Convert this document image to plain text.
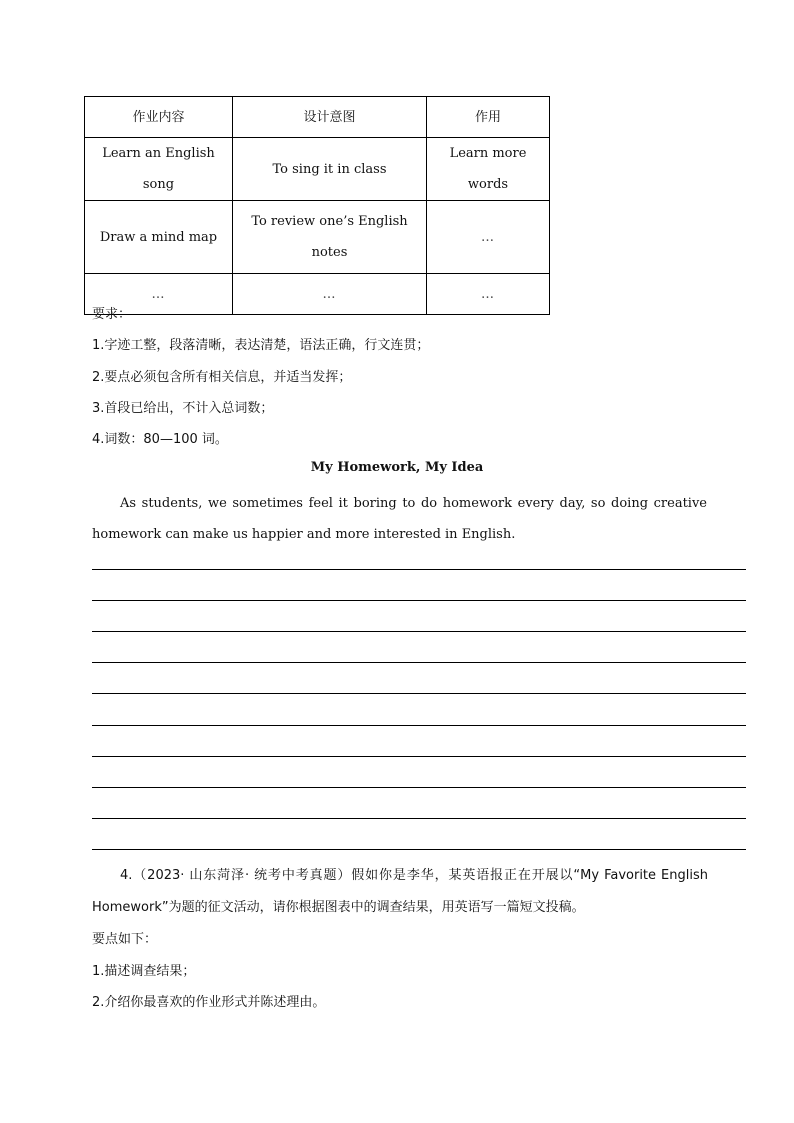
作业内容	设计意图	作用
Learn an English song	To sing it in class	Learn more words
Draw a mind map	To review one’s English notes	…
…	…	…
要求：
1.字迹工整，段落清晰，表达清楚，语法正确，行文连贯；
2.要点必须包含所有相关信息，并适当发挥；
3.首段已给出，不计入总词数；
4.词数：80—100 词。
My Homework, My Idea

As students, we sometimes feel it boring to do homework every day, so doing creative homework can make us happier and more interested in English.

4.（2023· 山东菏泽· 统考中考真题）假如你是李华，某英语报正在开展以“My Favorite English Homework”为题的征文活动，请你根据图表中的调查结果，用英语写一篇短文投稿。

要点如下：
1.描述调查结果；
2.介绍你最喜欢的作业形式并陈述理由。
